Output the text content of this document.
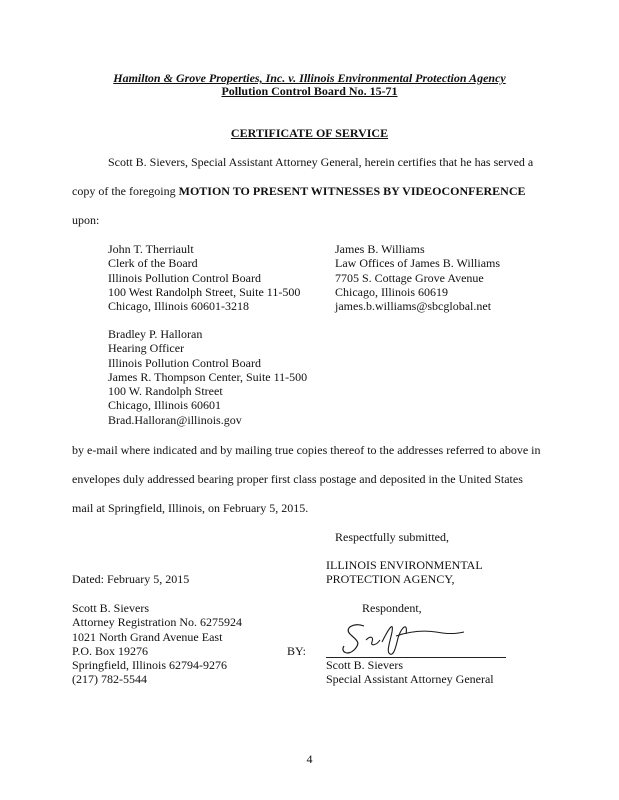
Hamilton & Grove Properties, Inc. v. Illinois Environmental Protection Agency
Pollution Control Board No. 15-71
CERTIFICATE OF SERVICE
Scott B. Sievers, Special Assistant Attorney General, herein certifies that he has served a
copy of the foregoing MOTION TO PRESENT WITNESSES BY VIDEOCONFERENCE
upon:
John T. Therriault
Clerk of the Board
Illinois Pollution Control Board
100 West Randolph Street, Suite 11-500
Chicago, Illinois 60601-3218
James B. Williams
Law Offices of James B. Williams
7705 S. Cottage Grove Avenue
Chicago, Illinois 60619
james.b.williams@sbcglobal.net
Bradley P. Halloran
Hearing Officer
Illinois Pollution Control Board
James R. Thompson Center, Suite 11-500
100 W. Randolph Street
Chicago, Illinois 60601
Brad.Halloran@illinois.gov
by e-mail where indicated and by mailing true copies thereof to the addresses referred to above in
envelopes duly addressed bearing proper first class postage and deposited in the United States
mail at Springfield, Illinois, on February 5, 2015.
Respectfully submitted,
ILLINOIS ENVIRONMENTAL
PROTECTION AGENCY,
Dated: February 5, 2015
Respondent,
Scott B. Sievers
Attorney Registration No. 6275924
1021 North Grand Avenue East
P.O. Box 19276
Springfield, Illinois 62794-9276
(217) 782-5544
BY:
Scott B. Sievers
Special Assistant Attorney General
4
